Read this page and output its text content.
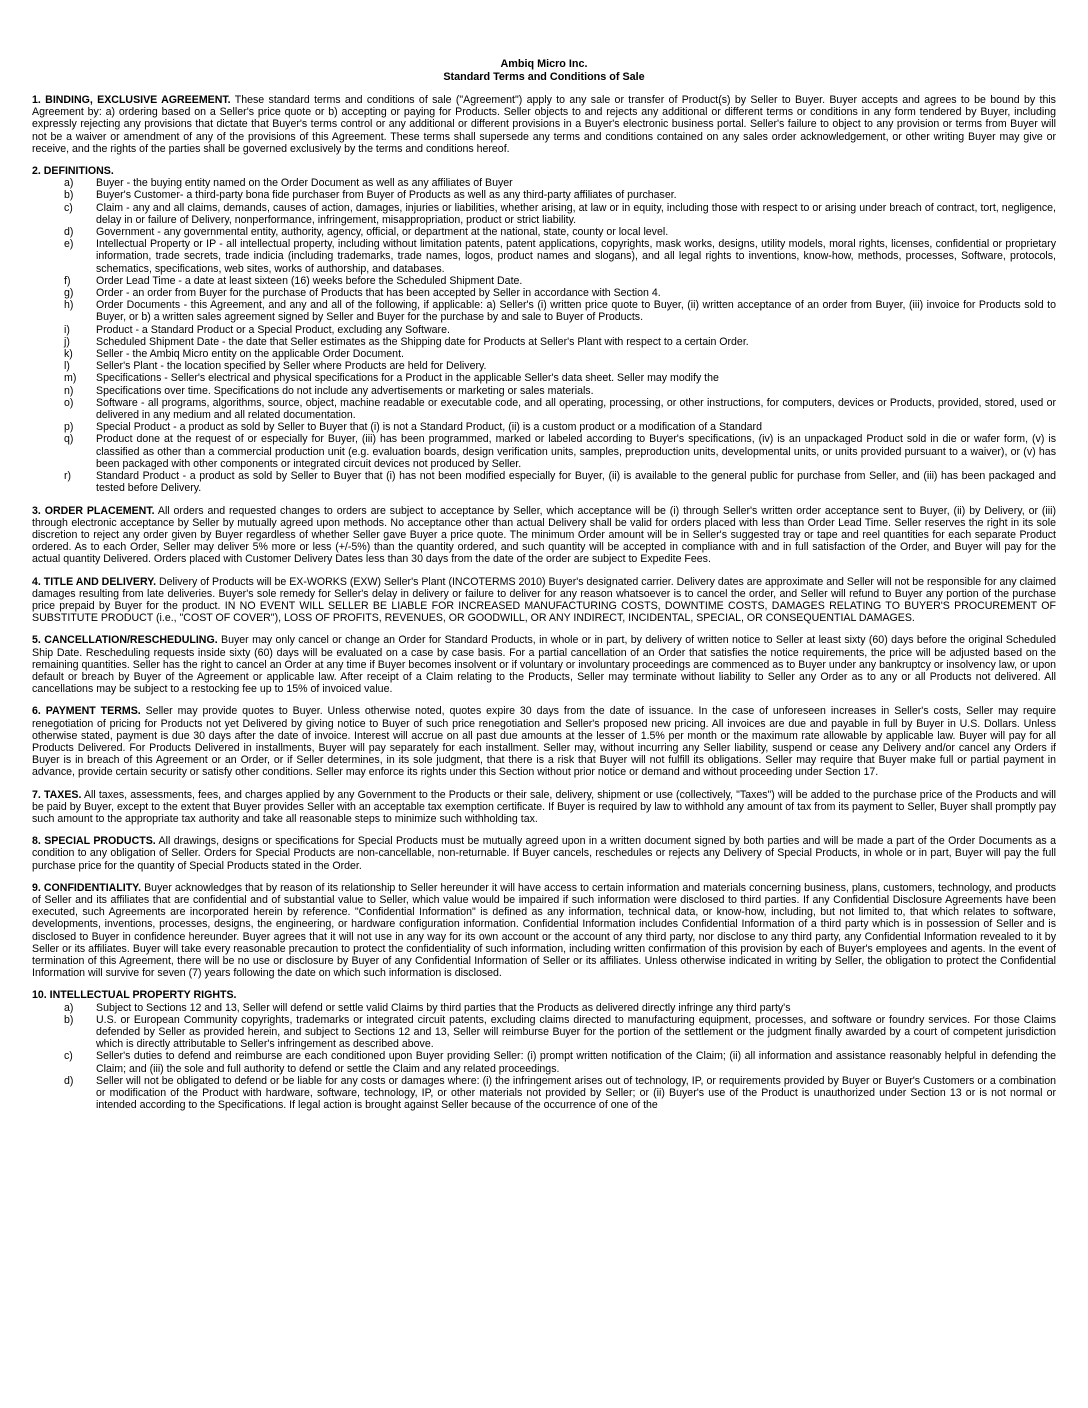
Ambiq Micro Inc.
Standard Terms and Conditions of Sale

1. BINDING, EXCLUSIVE AGREEMENT. These standard terms and conditions of sale ("Agreement") apply to any sale or transfer of Product(s) by Seller to Buyer. Buyer accepts and agrees to be bound by this Agreement by: a) ordering based on a Seller's price quote or b) accepting or paying for Products. Seller objects to and rejects any additional or different terms or conditions in any form tendered by Buyer, including expressly rejecting any provisions that dictate that Buyer's terms control or any additional or different provisions in a Buyer's electronic business portal. Seller's failure to object to any provision or terms from Buyer will not be a waiver or amendment of any of the provisions of this Agreement. These terms shall supersede any terms and conditions contained on any sales order acknowledgement, or other writing Buyer may give or receive, and the rights of the parties shall be governed exclusively by the terms and conditions hereof.

2. DEFINITIONS.
a)	Buyer - the buying entity named on the Order Document as well as any affiliates of Buyer
b)	Buyer's Customer- a third-party bona fide purchaser from Buyer of Products as well as any third-party affiliates of purchaser.
c)	Claim - any and all claims, demands, causes of action, damages, injuries or liabilities, whether arising, at law or in equity, including those with respect to or arising under breach of contract, tort, negligence, delay in or failure of Delivery, nonperformance, infringement, misappropriation, product or strict liability.
d)	Government - any governmental entity, authority, agency, official, or department at the national, state, county or local level.
e)	Intellectual Property or IP - all intellectual property, including without limitation patents, patent applications, copyrights, mask works, designs, utility models, moral rights, licenses, confidential or proprietary information, trade secrets, trade indicia (including trademarks, trade names, logos, product names and slogans), and all legal rights to inventions, know-how, methods, processes, Software, protocols, schematics, specifications, web sites, works of authorship, and databases.
f)	Order Lead Time - a date at least sixteen (16) weeks before the Scheduled Shipment Date.
g)	Order - an order from Buyer for the purchase of Products that has been accepted by Seller in accordance with Section 4.
h)	Order Documents - this Agreement, and any and all of the following, if applicable: a) Seller's (i) written price quote to Buyer, (ii) written acceptance of an order from Buyer, (iii) invoice for Products sold to Buyer, or b) a written sales agreement signed by Seller and Buyer for the purchase by and sale to Buyer of Products.
i)	Product - a Standard Product or a Special Product, excluding any Software.
j)	Scheduled Shipment Date - the date that Seller estimates as the Shipping date for Products at Seller's Plant with respect to a certain Order.
k)	Seller - the Ambiq Micro entity on the applicable Order Document.
l)	Seller's Plant - the location specified by Seller where Products are held for Delivery.
m)	Specifications - Seller's electrical and physical specifications for a Product in the applicable Seller's data sheet. Seller may modify the
n)	Specifications over time. Specifications do not include any advertisements or marketing or sales materials.
o)	Software - all programs, algorithms, source, object, machine readable or executable code, and all operating, processing, or other instructions, for computers, devices or Products, provided, stored, used or delivered in any medium and all related documentation.
p)	Special Product - a product as sold by Seller to Buyer that (i) is not a Standard Product, (ii) is a custom product or a modification of a Standard
q)	Product done at the request of or especially for Buyer, (iii) has been programmed, marked or labeled according to Buyer's specifications, (iv) is an unpackaged Product sold in die or wafer form, (v) is classified as other than a commercial production unit (e.g. evaluation boards, design verification units, samples, preproduction units, developmental units, or units provided pursuant to a waiver), or (v) has been packaged with other components or integrated circuit devices not produced by Seller.
r)	Standard Product - a product as sold by Seller to Buyer that (i) has not been modified especially for Buyer, (ii) is available to the general public for purchase from Seller, and (iii) has been packaged and tested before Delivery.

3. ORDER PLACEMENT. All orders and requested changes to orders are subject to acceptance by Seller, which acceptance will be (i) through Seller's written order acceptance sent to Buyer, (ii) by Delivery, or (iii) through electronic acceptance by Seller by mutually agreed upon methods. No acceptance other than actual Delivery shall be valid for orders placed with less than Order Lead Time. Seller reserves the right in its sole discretion to reject any order given by Buyer regardless of whether Seller gave Buyer a price quote. The minimum Order amount will be in Seller's suggested tray or tape and reel quantities for each separate Product ordered. As to each Order, Seller may deliver 5% more or less (+/-5%) than the quantity ordered, and such quantity will be accepted in compliance with and in full satisfaction of the Order, and Buyer will pay for the actual quantity Delivered. Orders placed with Customer Delivery Dates less than 30 days from the date of the order are subject to Expedite Fees.

4. TITLE AND DELIVERY. Delivery of Products will be EX-WORKS (EXW) Seller's Plant (INCOTERMS 2010) Buyer's designated carrier. Delivery dates are approximate and Seller will not be responsible for any claimed damages resulting from late deliveries. Buyer's sole remedy for Seller's delay in delivery or failure to deliver for any reason whatsoever is to cancel the order, and Seller will refund to Buyer any portion of the purchase price prepaid by Buyer for the product. IN NO EVENT WILL SELLER BE LIABLE FOR INCREASED MANUFACTURING COSTS, DOWNTIME COSTS, DAMAGES RELATING TO BUYER'S PROCUREMENT OF SUBSTITUTE PRODUCT (i.e., "COST OF COVER"), LOSS OF PROFITS, REVENUES, OR GOODWILL, OR ANY INDIRECT, INCIDENTAL, SPECIAL, OR CONSEQUENTIAL DAMAGES.

5. CANCELLATION/RESCHEDULING. Buyer may only cancel or change an Order for Standard Products, in whole or in part, by delivery of written notice to Seller at least sixty (60) days before the original Scheduled Ship Date. Rescheduling requests inside sixty (60) days will be evaluated on a case by case basis. For a partial cancellation of an Order that satisfies the notice requirements, the price will be adjusted based on the remaining quantities. Seller has the right to cancel an Order at any time if Buyer becomes insolvent or if voluntary or involuntary proceedings are commenced as to Buyer under any bankruptcy or insolvency law, or upon default or breach by Buyer of the Agreement or applicable law. After receipt of a Claim relating to the Products, Seller may terminate without liability to Seller any Order as to any or all Products not delivered. All cancellations may be subject to a restocking fee up to 15% of invoiced value.

6. PAYMENT TERMS. Seller may provide quotes to Buyer. Unless otherwise noted, quotes expire 30 days from the date of issuance. In the case of unforeseen increases in Seller's costs, Seller may require renegotiation of pricing for Products not yet Delivered by giving notice to Buyer of such price renegotiation and Seller's proposed new pricing. All invoices are due and payable in full by Buyer in U.S. Dollars. Unless otherwise stated, payment is due 30 days after the date of invoice. Interest will accrue on all past due amounts at the lesser of 1.5% per month or the maximum rate allowable by applicable law. Buyer will pay for all Products Delivered. For Products Delivered in installments, Buyer will pay separately for each installment. Seller may, without incurring any Seller liability, suspend or cease any Delivery and/or cancel any Orders if Buyer is in breach of this Agreement or an Order, or if Seller determines, in its sole judgment, that there is a risk that Buyer will not fulfill its obligations. Seller may require that Buyer make full or partial payment in advance, provide certain security or satisfy other conditions. Seller may enforce its rights under this Section without prior notice or demand and without proceeding under Section 17.

7. TAXES. All taxes, assessments, fees, and charges applied by any Government to the Products or their sale, delivery, shipment or use (collectively, "Taxes") will be added to the purchase price of the Products and will be paid by Buyer, except to the extent that Buyer provides Seller with an acceptable tax exemption certificate. If Buyer is required by law to withhold any amount of tax from its payment to Seller, Buyer shall promptly pay such amount to the appropriate tax authority and take all reasonable steps to minimize such withholding tax.

8. SPECIAL PRODUCTS. All drawings, designs or specifications for Special Products must be mutually agreed upon in a written document signed by both parties and will be made a part of the Order Documents as a condition to any obligation of Seller. Orders for Special Products are non-cancellable, non-returnable. If Buyer cancels, reschedules or rejects any Delivery of Special Products, in whole or in part, Buyer will pay the full purchase price for the quantity of Special Products stated in the Order.

9. CONFIDENTIALITY. Buyer acknowledges that by reason of its relationship to Seller hereunder it will have access to certain information and materials concerning business, plans, customers, technology, and products of Seller and its affiliates that are confidential and of substantial value to Seller, which value would be impaired if such information were disclosed to third parties. If any Confidential Disclosure Agreements have been executed, such Agreements are incorporated herein by reference. "Confidential Information" is defined as any information, technical data, or know-how, including, but not limited to, that which relates to software, developments, inventions, processes, designs, the engineering, or hardware configuration information. Confidential Information includes Confidential Information of a third party which is in possession of Seller and is disclosed to Buyer in confidence hereunder. Buyer agrees that it will not use in any way for its own account or the account of any third party, nor disclose to any third party, any Confidential Information revealed to it by Seller or its affiliates. Buyer will take every reasonable precaution to protect the confidentiality of such information, including written confirmation of this provision by each of Buyer's employees and agents. In the event of termination of this Agreement, there will be no use or disclosure by Buyer of any Confidential Information of Seller or its affiliates. Unless otherwise indicated in writing by Seller, the obligation to protect the Confidential Information will survive for seven (7) years following the date on which such information is disclosed.

10. INTELLECTUAL PROPERTY RIGHTS.
a)	Subject to Sections 12 and 13, Seller will defend or settle valid Claims by third parties that the Products as delivered directly infringe any third party's
b)	U.S. or European Community copyrights, trademarks or integrated circuit patents, excluding claims directed to manufacturing equipment, processes, and software or foundry services. For those Claims defended by Seller as provided herein, and subject to Sections 12 and 13, Seller will reimburse Buyer for the portion of the settlement or the judgment finally awarded by a court of competent jurisdiction which is directly attributable to Seller's infringement as described above.
c)	Seller's duties to defend and reimburse are each conditioned upon Buyer providing Seller: (i) prompt written notification of the Claim; (ii) all information and assistance reasonably helpful in defending the Claim; and (iii) the sole and full authority to defend or settle the Claim and any related proceedings.
d)	Seller will not be obligated to defend or be liable for any costs or damages where: (i) the infringement arises out of technology, IP, or requirements provided by Buyer or Buyer's Customers or a combination or modification of the Product with hardware, software, technology, IP, or other materials not provided by Seller; or (ii) Buyer's use of the Product is unauthorized under Section 13 or is not normal or intended according to the Specifications. If legal action is brought against Seller because of the occurrence of one of the
